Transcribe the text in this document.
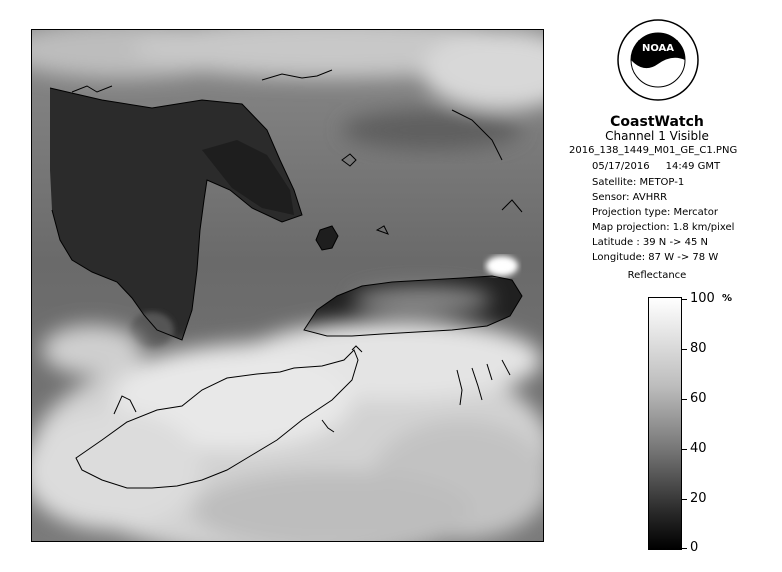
NOAA
CoastWatch
Channel 1 Visible
2016_138_1449_M01_GE_C1.PNG
05/17/2016 14:49 GMT
Satellite: METOP-1
Sensor: AVHRR
Projection type: Mercator
Map projection: 1.8 km/pixel
Latitude : 39 N -> 45 N
Longitude: 87 W -> 78 W
Reflectance
%
100
80
60
40
20
0
